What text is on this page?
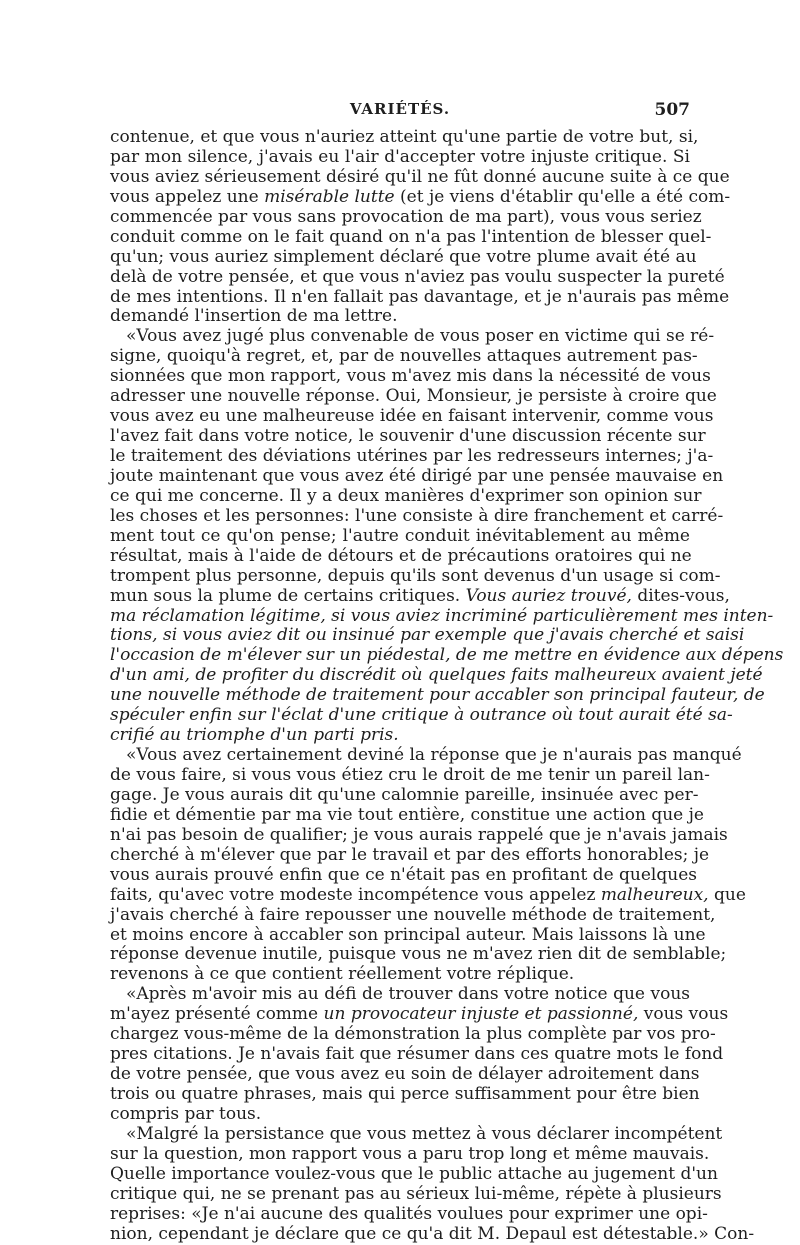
VARIÉTÉS.	507
contenue, et que vous n'auriez atteint qu'une partie de votre but, si,
par mon silence, j'avais eu l'air d'accepter votre injuste critique. Si
vous aviez sérieusement désiré qu'il ne fût donné aucune suite à ce que
vous appelez une misérable lutte (et je viens d'établir qu'elle a été com-
commencée par vous sans provocation de ma part), vous vous seriez
conduit comme on le fait quand on n'a pas l'intention de blesser quel-
qu'un; vous auriez simplement déclaré que votre plume avait été au
delà de votre pensée, et que vous n'aviez pas voulu suspecter la pureté
de mes intentions. Il n'en fallait pas davantage, et je n'aurais pas même
demandé l'insertion de ma lettre.
«Vous avez jugé plus convenable de vous poser en victime qui se ré-
signe, quoiqu'à regret, et, par de nouvelles attaques autrement pas-
sionnées que mon rapport, vous m'avez mis dans la nécessité de vous
adresser une nouvelle réponse. Oui, Monsieur, je persiste à croire que
vous avez eu une malheureuse idée en faisant intervenir, comme vous
l'avez fait dans votre notice, le souvenir d'une discussion récente sur
le traitement des déviations utérines par les redresseurs internes; j'a-
joute maintenant que vous avez été dirigé par une pensée mauvaise en
ce qui me concerne. Il y a deux manières d'exprimer son opinion sur
les choses et les personnes: l'une consiste à dire franchement et carré-
ment tout ce qu'on pense; l'autre conduit inévitablement au même
résultat, mais à l'aide de détours et de précautions oratoires qui ne
trompent plus personne, depuis qu'ils sont devenus d'un usage si com-
mun sous la plume de certains critiques. Vous auriez trouvé, dites-vous,
ma réclamation légitime, si vous aviez incriminé particulièrement mes inten-
tions, si vous aviez dit ou insinué par exemple que j'avais cherché et saisi
l'occasion de m'élever sur un piédestal, de me mettre en évidence aux dépens
d'un ami, de profiter du discrédit où quelques faits malheureux avaient jeté
une nouvelle méthode de traitement pour accabler son principal fauteur, de
spéculer enfin sur l'éclat d'une critique à outrance où tout aurait été sa-
crifié au triomphe d'un parti pris.
«Vous avez certainement deviné la réponse que je n'aurais pas manqué
de vous faire, si vous vous étiez cru le droit de me tenir un pareil lan-
gage. Je vous aurais dit qu'une calomnie pareille, insinuée avec per-
fidie et démentie par ma vie tout entière, constitue une action que je
n'ai pas besoin de qualifier; je vous aurais rappelé que je n'avais jamais
cherché à m'élever que par le travail et par des efforts honorables; je
vous aurais prouvé enfin que ce n'était pas en profitant de quelques
faits, qu'avec votre modeste incompétence vous appelez malheureux, que
j'avais cherché à faire repousser une nouvelle méthode de traitement,
et moins encore à accabler son principal auteur. Mais laissons là une
réponse devenue inutile, puisque vous ne m'avez rien dit de semblable;
revenons à ce que contient réellement votre réplique.
«Après m'avoir mis au défi de trouver dans votre notice que vous
m'ayez présenté comme un provocateur injuste et passionné, vous vous
chargez vous-même de la démonstration la plus complète par vos pro-
pres citations. Je n'avais fait que résumer dans ces quatre mots le fond
de votre pensée, que vous avez eu soin de délayer adroitement dans
trois ou quatre phrases, mais qui perce suffisamment pour être bien
compris par tous.
«Malgré la persistance que vous mettez à vous déclarer incompétent
sur la question, mon rapport vous a paru trop long et même mauvais.
Quelle importance voulez-vous que le public attache au jugement d'un
critique qui, ne se prenant pas au sérieux lui-même, répète à plusieurs
reprises: «Je n'ai aucune des qualités voulues pour exprimer une opi-
nion, cependant je déclare que ce qu'a dit M. Depaul est détestable.» Con-
